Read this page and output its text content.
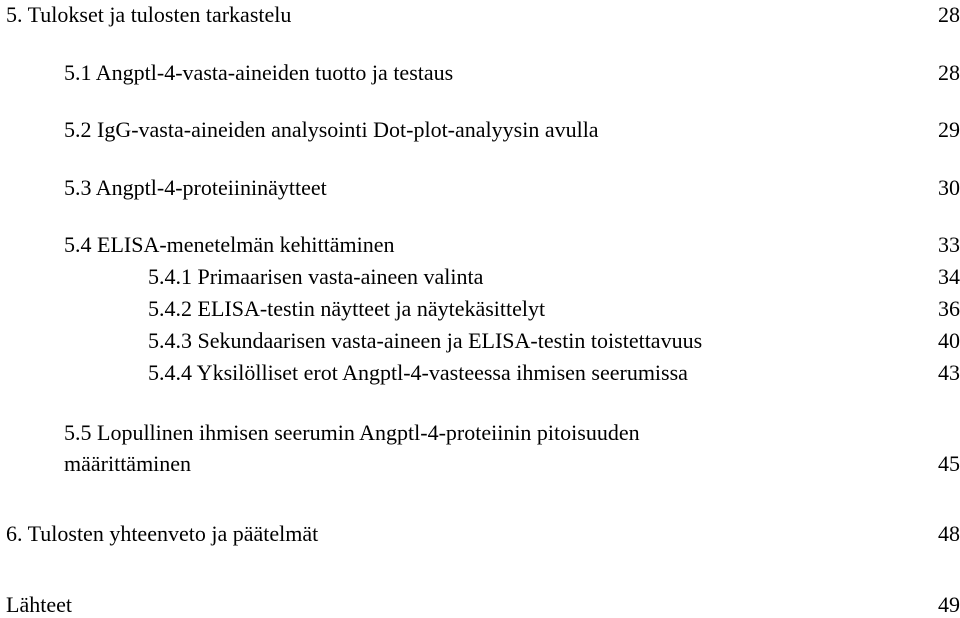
5. Tulokset ja tulosten tarkastelu	28
5.1 Angptl-4-vasta-aineiden tuotto ja testaus	28
5.2 IgG-vasta-aineiden analysointi Dot-plot-analyysin avulla	29
5.3 Angptl-4-proteiininäytteet	30
5.4 ELISA-menetelmän kehittäminen	33
5.4.1 Primaarisen vasta-aineen valinta	34
5.4.2 ELISA-testin näytteet ja näytekäsittelyt	36
5.4.3 Sekundaarisen vasta-aineen ja ELISA-testin toistettavuus	40
5.4.4 Yksilölliset erot Angptl-4-vasteessa ihmisen seerumissa	43
5.5 Lopullinen ihmisen seerumin Angptl-4-proteiinin pitoisuuden
määrittäminen	45
6. Tulosten yhteenveto ja päätelmät	48
Lähteet	49
